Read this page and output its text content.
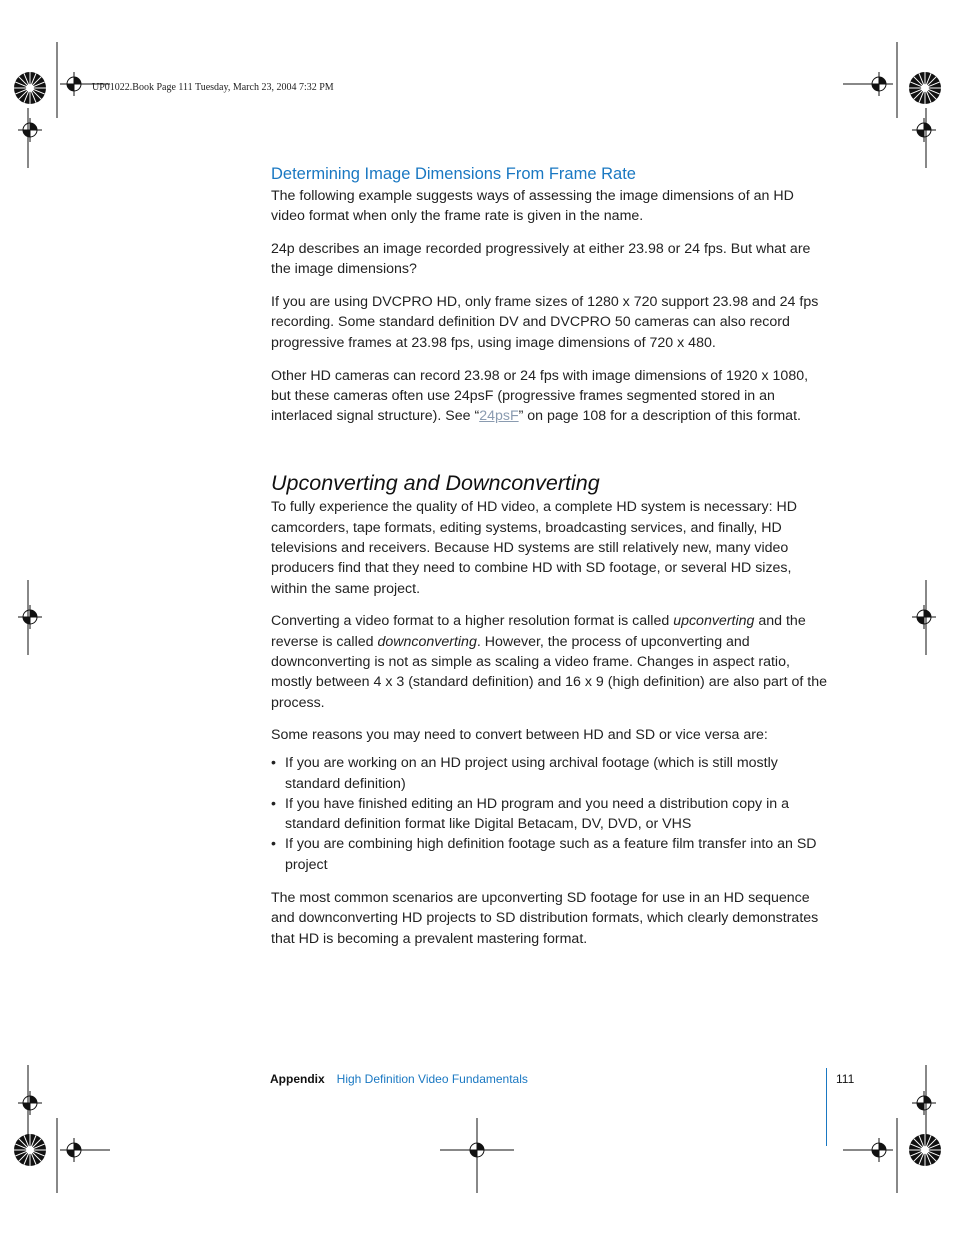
UP01022.Book Page 111 Tuesday, March 23, 2004 7:32 PM
Determining Image Dimensions From Frame Rate

The following example suggests ways of assessing the image dimensions of an HD video format when only the frame rate is given in the name.

24p describes an image recorded progressively at either 23.98 or 24 fps. But what are the image dimensions?

If you are using DVCPRO HD, only frame sizes of 1280 x 720 support 23.98 and 24 fps recording. Some standard definition DV and DVCPRO 50 cameras can also record progressive frames at 23.98 fps, using image dimensions of 720 x 480.

Other HD cameras can record 23.98 or 24 fps with image dimensions of 1920 x 1080, but these cameras often use 24psF (progressive frames segmented stored in an interlaced signal structure). See “24psF” on page 108 for a description of this format.

Upconverting and Downconverting

To fully experience the quality of HD video, a complete HD system is necessary: HD camcorders, tape formats, editing systems, broadcasting services, and finally, HD televisions and receivers. Because HD systems are still relatively new, many video producers find that they need to combine HD with SD footage, or several HD sizes, within the same project.

Converting a video format to a higher resolution format is called upconverting and the reverse is called downconverting. However, the process of upconverting and downconverting is not as simple as scaling a video frame. Changes in aspect ratio, mostly between 4 x 3 (standard definition) and 16 x 9 (high definition) are also part of the process.

Some reasons you may need to convert between HD and SD or vice versa are:

• If you are working on an HD project using archival footage (which is still mostly standard definition)
• If you have finished editing an HD program and you need a distribution copy in a standard definition format like Digital Betacam, DV, DVD, or VHS
• If you are combining high definition footage such as a feature film transfer into an SD project

The most common scenarios are upconverting SD footage for use in an HD sequence and downconverting HD projects to SD distribution formats, which clearly demonstrates that HD is becoming a prevalent mastering format.

Appendix High Definition Video Fundamentals	111
